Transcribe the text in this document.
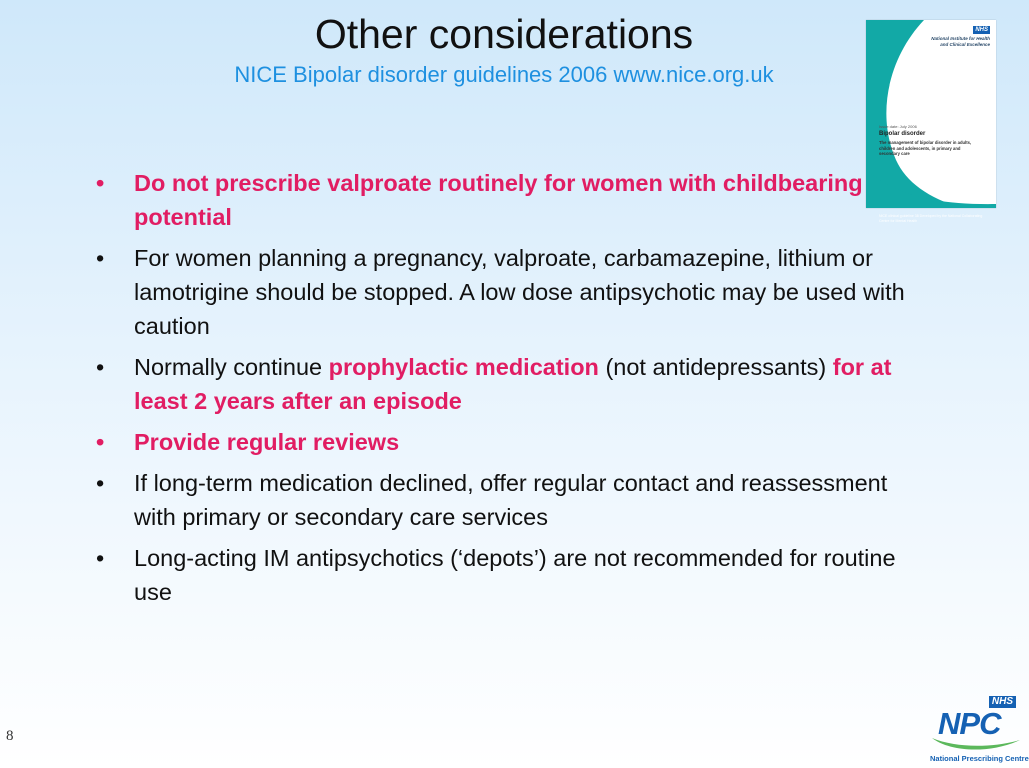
Other considerations
NICE Bipolar disorder guidelines 2006 www.nice.org.uk
NHS
National Institute for Health and Clinical Excellence
Issue date: July 2006
Bipolar disorder
The management of bipolar disorder in adults, children and adolescents, in primary and secondary care
NICE clinical guideline 38 Developed by the National Collaborating Centre for Mental Health
• Do not prescribe valproate routinely for women with childbearing potential
• For women planning a pregnancy, valproate, carbamazepine, lithium or lamotrigine should be stopped. A low dose antipsychotic may be used with caution
• Normally continue prophylactic medication (not antidepressants) for at least 2 years after an episode
• Provide regular reviews
• If long-term medication declined, offer regular contact and reassessment with primary or secondary care services
• Long-acting IM antipsychotics (‘depots’) are not recommended for routine use
8
NHS
NPC
National Prescribing Centre
